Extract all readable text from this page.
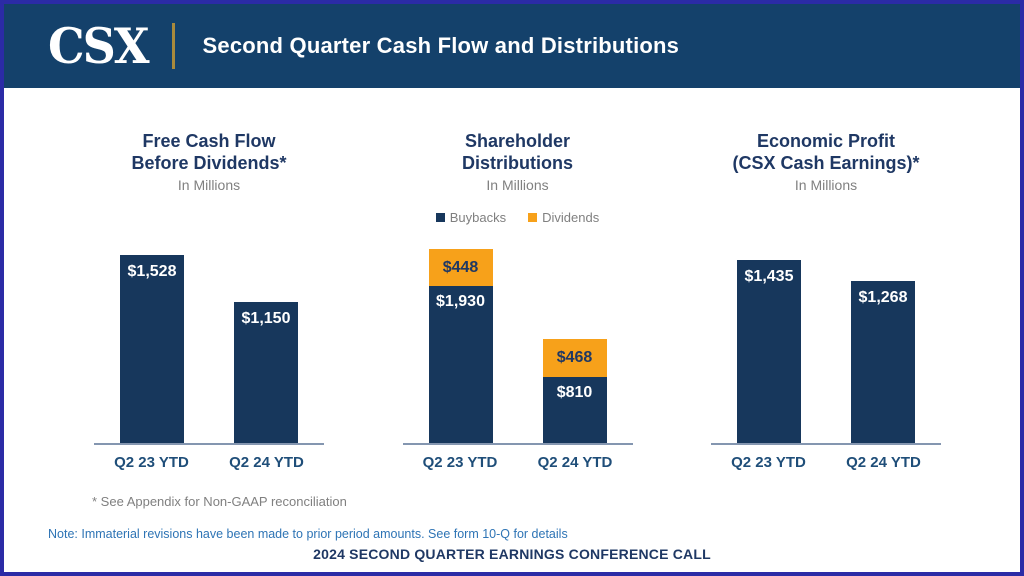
CSX	Second Quarter Cash Flow and Distributions
Free Cash Flow
Before Dividends*
In Millions
$1,528
$1,150
Q2 23 YTD	Q2 24 YTD
Shareholder
Distributions
In Millions
Buybacks	Dividends
$448
$1,930
$468
$810
Q2 23 YTD	Q2 24 YTD
Economic Profit
(CSX Cash Earnings)*
In Millions
$1,435
$1,268
Q2 23 YTD	Q2 24 YTD
* See Appendix for Non-GAAP reconciliation
Note: Immaterial revisions have been made to prior period amounts. See form 10-Q for details
2024 SECOND QUARTER EARNINGS CONFERENCE CALL
